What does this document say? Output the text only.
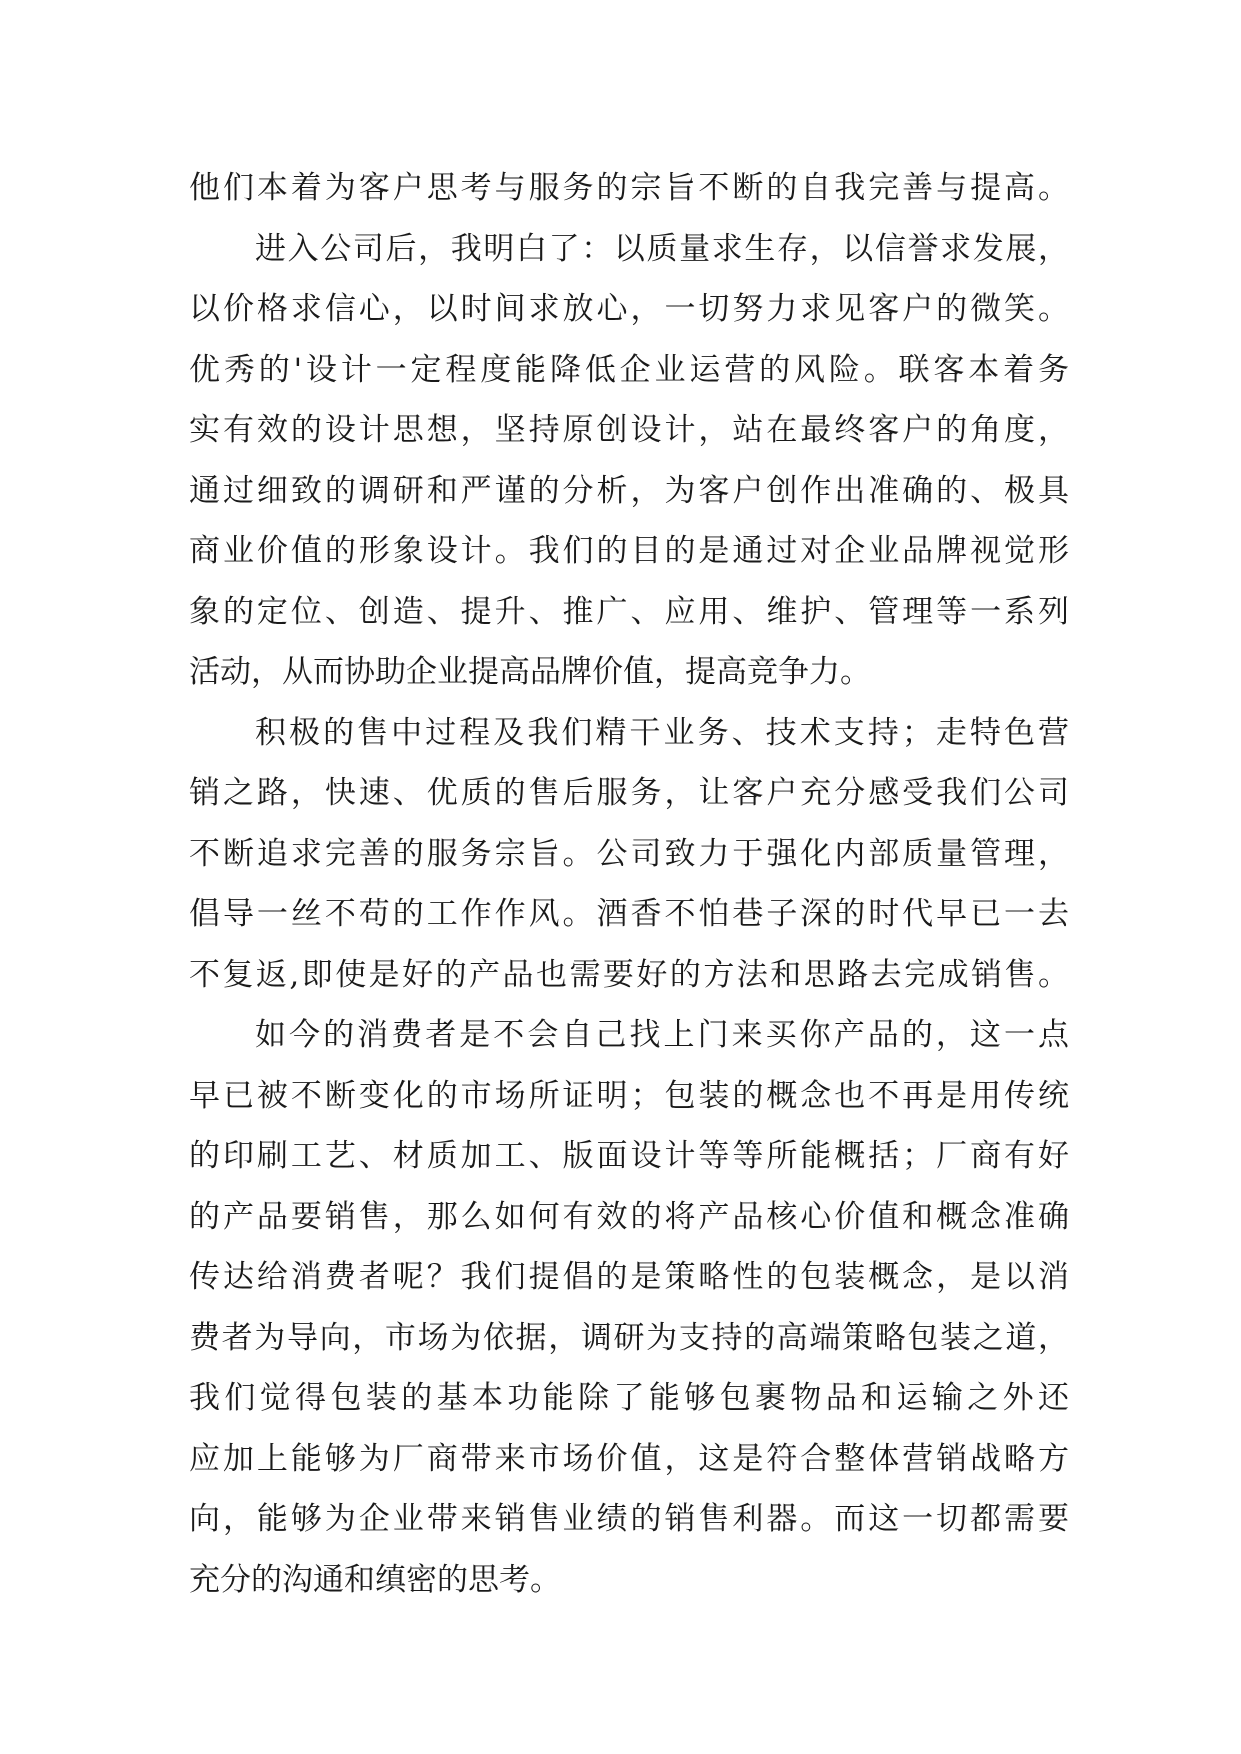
他们本着为客户思考与服务的宗旨不断的自我完善与提高。
进入公司后，我明白了：以质量求生存，以信誉求发展，
以价格求信心，以时间求放心，一切努力求见客户的微笑。
优秀的'设计一定程度能降低企业运营的风险。联客本着务
实有效的设计思想，坚持原创设计，站在最终客户的角度，
通过细致的调研和严谨的分析，为客户创作出准确的、极具
商业价值的形象设计。我们的目的是通过对企业品牌视觉形
象的定位、创造、提升、推广、应用、维护、管理等一系列
活动，从而协助企业提高品牌价值，提高竞争力。
积极的售中过程及我们精干业务、技术支持；走特色营
销之路，快速、优质的售后服务，让客户充分感受我们公司
不断追求完善的服务宗旨。公司致力于强化内部质量管理，
倡导一丝不苟的工作作风。酒香不怕巷子深的时代早已一去
不复返,即使是好的产品也需要好的方法和思路去完成销售。
如今的消费者是不会自己找上门来买你产品的，这一点
早已被不断变化的市场所证明；包装的概念也不再是用传统
的印刷工艺、材质加工、版面设计等等所能概括；厂商有好
的产品要销售，那么如何有效的将产品核心价值和概念准确
传达给消费者呢？我们提倡的是策略性的包装概念，是以消
费者为导向，市场为依据，调研为支持的高端策略包装之道，
我们觉得包装的基本功能除了能够包裹物品和运输之外还
应加上能够为厂商带来市场价值，这是符合整体营销战略方
向，能够为企业带来销售业绩的销售利器。而这一切都需要
充分的沟通和缜密的思考。
